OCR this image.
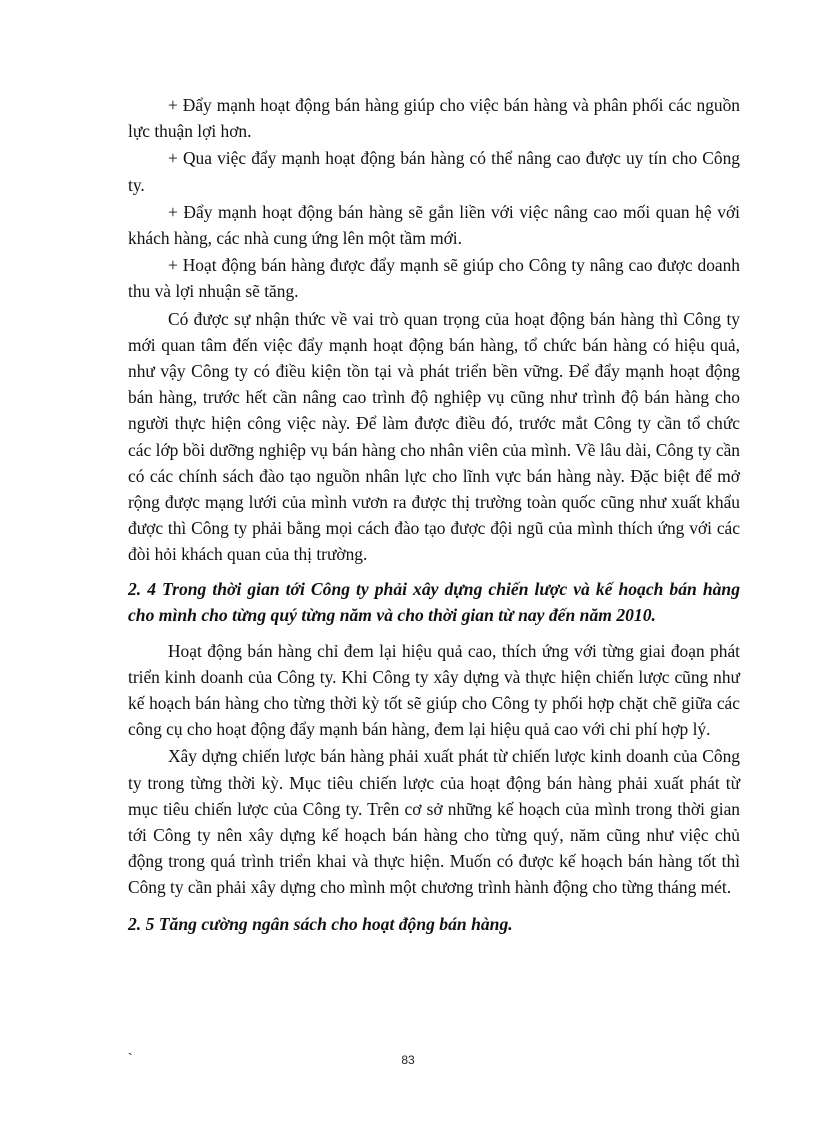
+ Đẩy mạnh hoạt động bán hàng giúp cho việc bán hàng và phân phối các nguồn lực thuận lợi hơn.

+ Qua việc đẩy mạnh hoạt động bán hàng có thể nâng cao được uy tín cho Công ty.

+ Đẩy mạnh hoạt động bán hàng sẽ gắn liền với việc nâng cao mối quan hệ với khách hàng, các nhà cung ứng lên một tầm mới.

+ Hoạt động bán hàng được đẩy mạnh sẽ giúp cho Công ty nâng cao được doanh thu và lợi nhuận sẽ tăng.

Có được sự nhận thức về vai trò quan trọng của hoạt động bán hàng thì Công ty mới quan tâm đến việc đẩy mạnh hoạt động bán hàng, tổ chức bán hàng có hiệu quả, như vậy Công ty có điều kiện tồn tại và phát triển bền vững. Để đẩy mạnh hoạt động bán hàng, trước hết cần nâng cao trình độ nghiệp vụ cũng như trình độ bán hàng cho người thực hiện công việc này. Để làm được điều đó, trước mắt Công ty cần tổ chức các lớp bồi dưỡng nghiệp vụ bán hàng cho nhân viên của mình. Về lâu dài, Công ty cần có các chính sách đào tạo nguồn nhân lực cho lĩnh vực bán hàng này. Đặc biệt để mở rộng được mạng lưới của mình vươn ra được thị trường toàn quốc cũng như xuất khẩu được thì Công ty phải bằng mọi cách đào tạo được đội ngũ của mình thích ứng với các đòi hỏi khách quan của thị trường.

2. 4 Trong thời gian tới Công ty phải xây dựng chiến lược và kế hoạch bán hàng cho mình cho từng quý từng năm và cho thời gian từ nay đến năm 2010.

Hoạt động bán hàng chỉ đem lại hiệu quả cao, thích ứng với từng giai đoạn phát triển kinh doanh của Công ty. Khi Công ty xây dựng và thực hiện chiến lược cũng như kế hoạch bán hàng cho từng thời kỳ tốt sẽ giúp cho Công ty phối hợp chặt chẽ giữa các công cụ cho hoạt động đẩy mạnh bán hàng, đem lại hiệu quả cao với chi phí hợp lý.

Xây dựng chiến lược bán hàng phải xuất phát từ chiến lược kinh doanh của Công ty trong từng thời kỳ. Mục tiêu chiến lược của hoạt động bán hàng phải xuất phát từ mục tiêu chiến lược của Công ty. Trên cơ sở những kế hoạch của mình trong thời gian tới Công ty nên xây dựng kế hoạch bán hàng cho từng quý, năm cũng như việc chủ động trong quá trình triển khai và thực hiện. Muốn có được kế hoạch bán hàng tốt thì Công ty cần phải xây dựng cho mình một chương trình hành động cho từng tháng mét.

2. 5 Tăng cường ngân sách cho hoạt động bán hàng.

`	83
